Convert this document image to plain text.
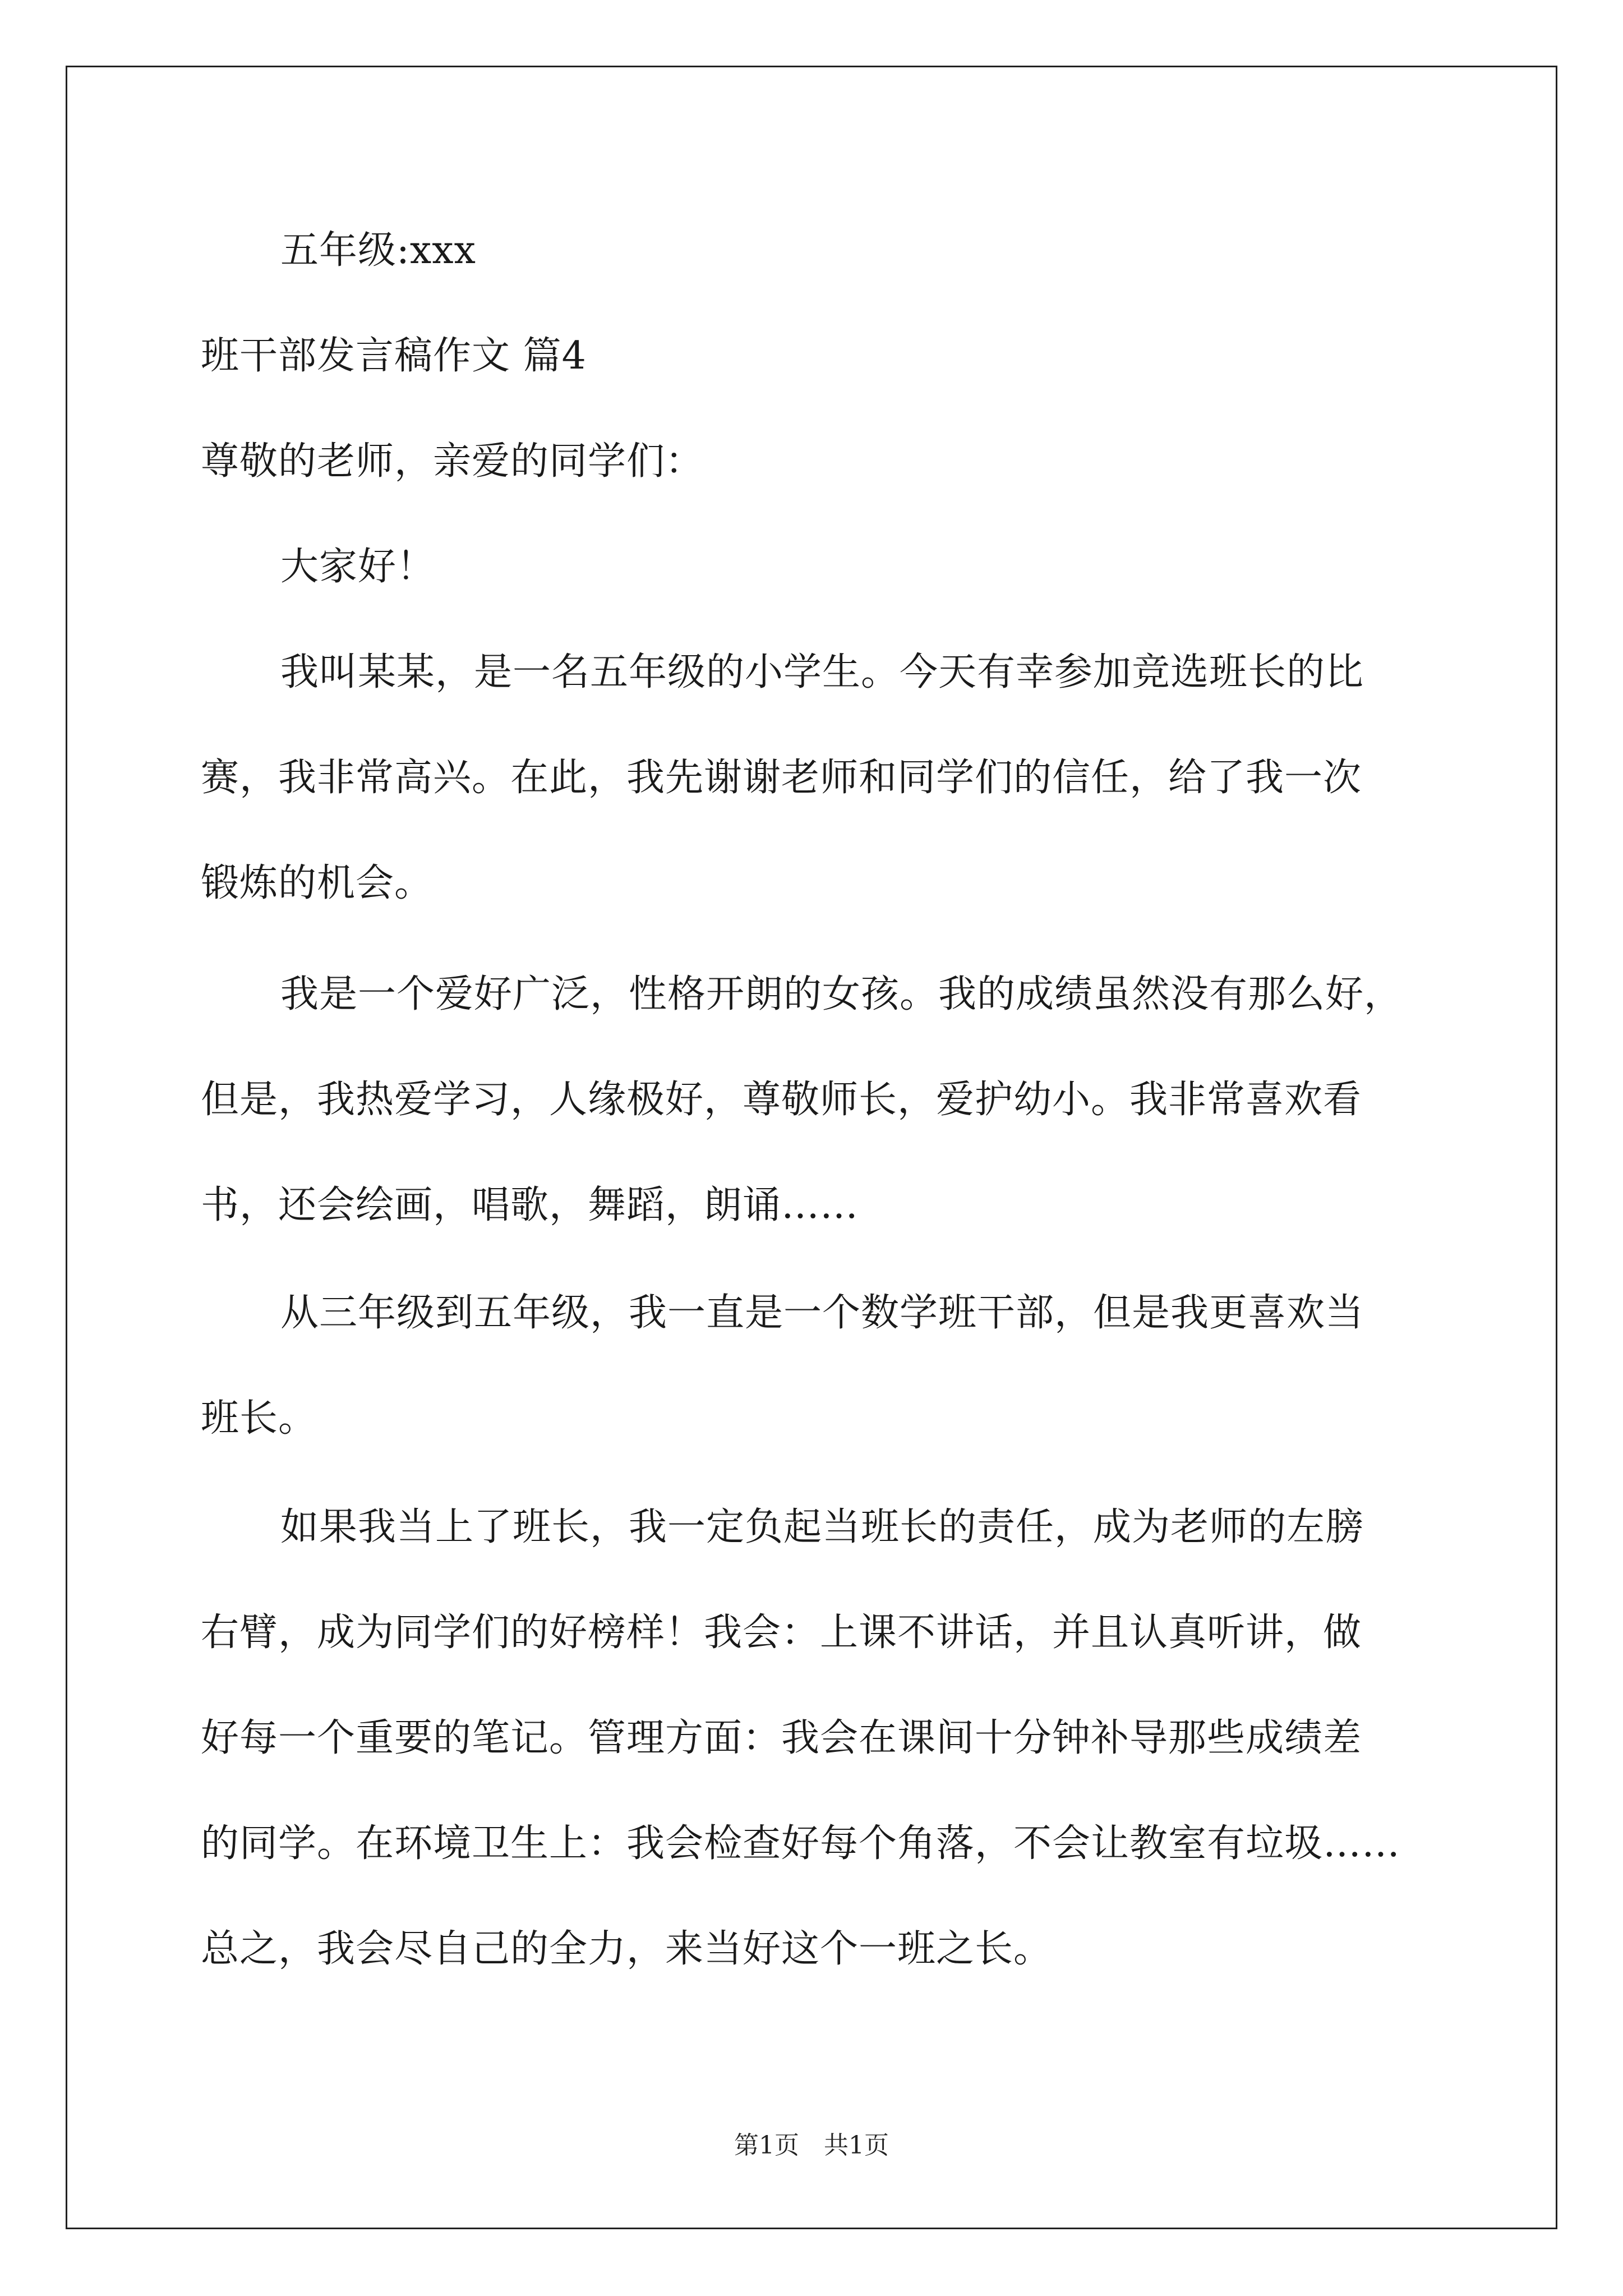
五年级:xxx
班干部发言稿作文 篇4
尊敬的老师，亲爱的同学们：
大家好！
我叫某某，是一名五年级的小学生。今天有幸参加竞选班长的比
赛，我非常高兴。在此，我先谢谢老师和同学们的信任，给了我一次
锻炼的机会。
我是一个爱好广泛，性格开朗的女孩。我的成绩虽然没有那么好，
但是，我热爱学习，人缘极好，尊敬师长，爱护幼小。我非常喜欢看
书，还会绘画，唱歌，舞蹈，朗诵……
从三年级到五年级，我一直是一个数学班干部，但是我更喜欢当
班长。
如果我当上了班长，我一定负起当班长的责任，成为老师的左膀
右臂，成为同学们的好榜样！我会：上课不讲话，并且认真听讲，做
好每一个重要的笔记。管理方面：我会在课间十分钟补导那些成绩差
的同学。在环境卫生上：我会检查好每个角落，不会让教室有垃圾……
总之，我会尽自己的全力，来当好这个一班之长。
第1页　共1页
